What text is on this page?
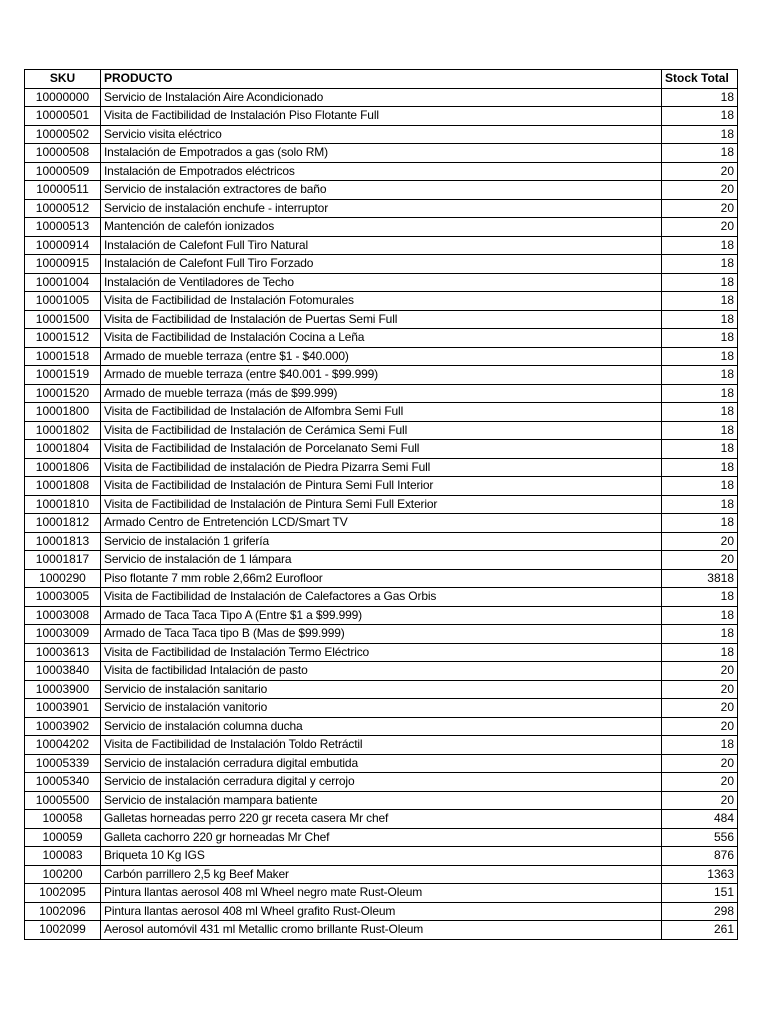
SKU	PRODUCTO	Stock Total
10000000	Servicio de Instalación Aire Acondicionado	18
10000501	Visita de Factibilidad de Instalación Piso Flotante Full	18
10000502	Servicio visita eléctrico	18
10000508	Instalación de Empotrados a gas (solo RM)	18
10000509	Instalación de Empotrados eléctricos	20
10000511	Servicio de instalación extractores de baño	20
10000512	Servicio de instalación enchufe - interruptor	20
10000513	Mantención de calefón ionizados	20
10000914	Instalación de Calefont Full Tiro Natural	18
10000915	Instalación de Calefont Full Tiro Forzado	18
10001004	Instalación de Ventiladores de Techo	18
10001005	Visita de Factibilidad de Instalación Fotomurales	18
10001500	Visita de Factibilidad de Instalación de Puertas Semi Full	18
10001512	Visita de Factibilidad de Instalación Cocina a Leña	18
10001518	Armado de mueble terraza (entre $1 - $40.000)	18
10001519	Armado de mueble terraza (entre $40.001 - $99.999)	18
10001520	Armado de mueble terraza (más de $99.999)	18
10001800	Visita de Factibilidad de Instalación de Alfombra Semi Full	18
10001802	Visita de Factibilidad de Instalación de Cerámica Semi Full	18
10001804	Visita de Factibilidad de Instalación de Porcelanato Semi Full	18
10001806	Visita de Factibilidad de instalación de Piedra Pizarra Semi Full	18
10001808	Visita de Factibilidad de Instalación de Pintura Semi Full Interior	18
10001810	Visita de Factibilidad de Instalación de Pintura Semi Full Exterior	18
10001812	Armado Centro de Entretención LCD/Smart TV	18
10001813	Servicio de instalación 1 grifería	20
10001817	Servicio de instalación de 1 lámpara	20
1000290	Piso flotante 7 mm roble 2,66m2 Eurofloor	3818
10003005	Visita de Factibilidad de Instalación de Calefactores a Gas Orbis	18
10003008	Armado de Taca Taca Tipo A (Entre $1 a $99.999)	18
10003009	Armado de Taca Taca tipo B (Mas de $99.999)	18
10003613	Visita de Factibilidad de Instalación Termo Eléctrico	18
10003840	Visita de factibilidad Intalación de pasto	20
10003900	Servicio de instalación sanitario	20
10003901	Servicio de instalación vanitorio	20
10003902	Servicio de instalación columna ducha	20
10004202	Visita de Factibilidad de Instalación Toldo Retráctil	18
10005339	Servicio de instalación cerradura digital embutida	20
10005340	Servicio de instalación cerradura digital y cerrojo	20
10005500	Servicio de instalación mampara batiente	20
100058	Galletas horneadas perro 220 gr receta casera Mr chef	484
100059	Galleta cachorro 220 gr horneadas Mr Chef	556
100083	Briqueta 10 Kg IGS	876
100200	Carbón parrillero 2,5 kg Beef Maker	1363
1002095	Pintura llantas aerosol 408 ml Wheel negro mate Rust-Oleum	151
1002096	Pintura llantas aerosol 408 ml Wheel grafito Rust-Oleum	298
1002099	Aerosol automóvil 431 ml Metallic cromo brillante Rust-Oleum	261
